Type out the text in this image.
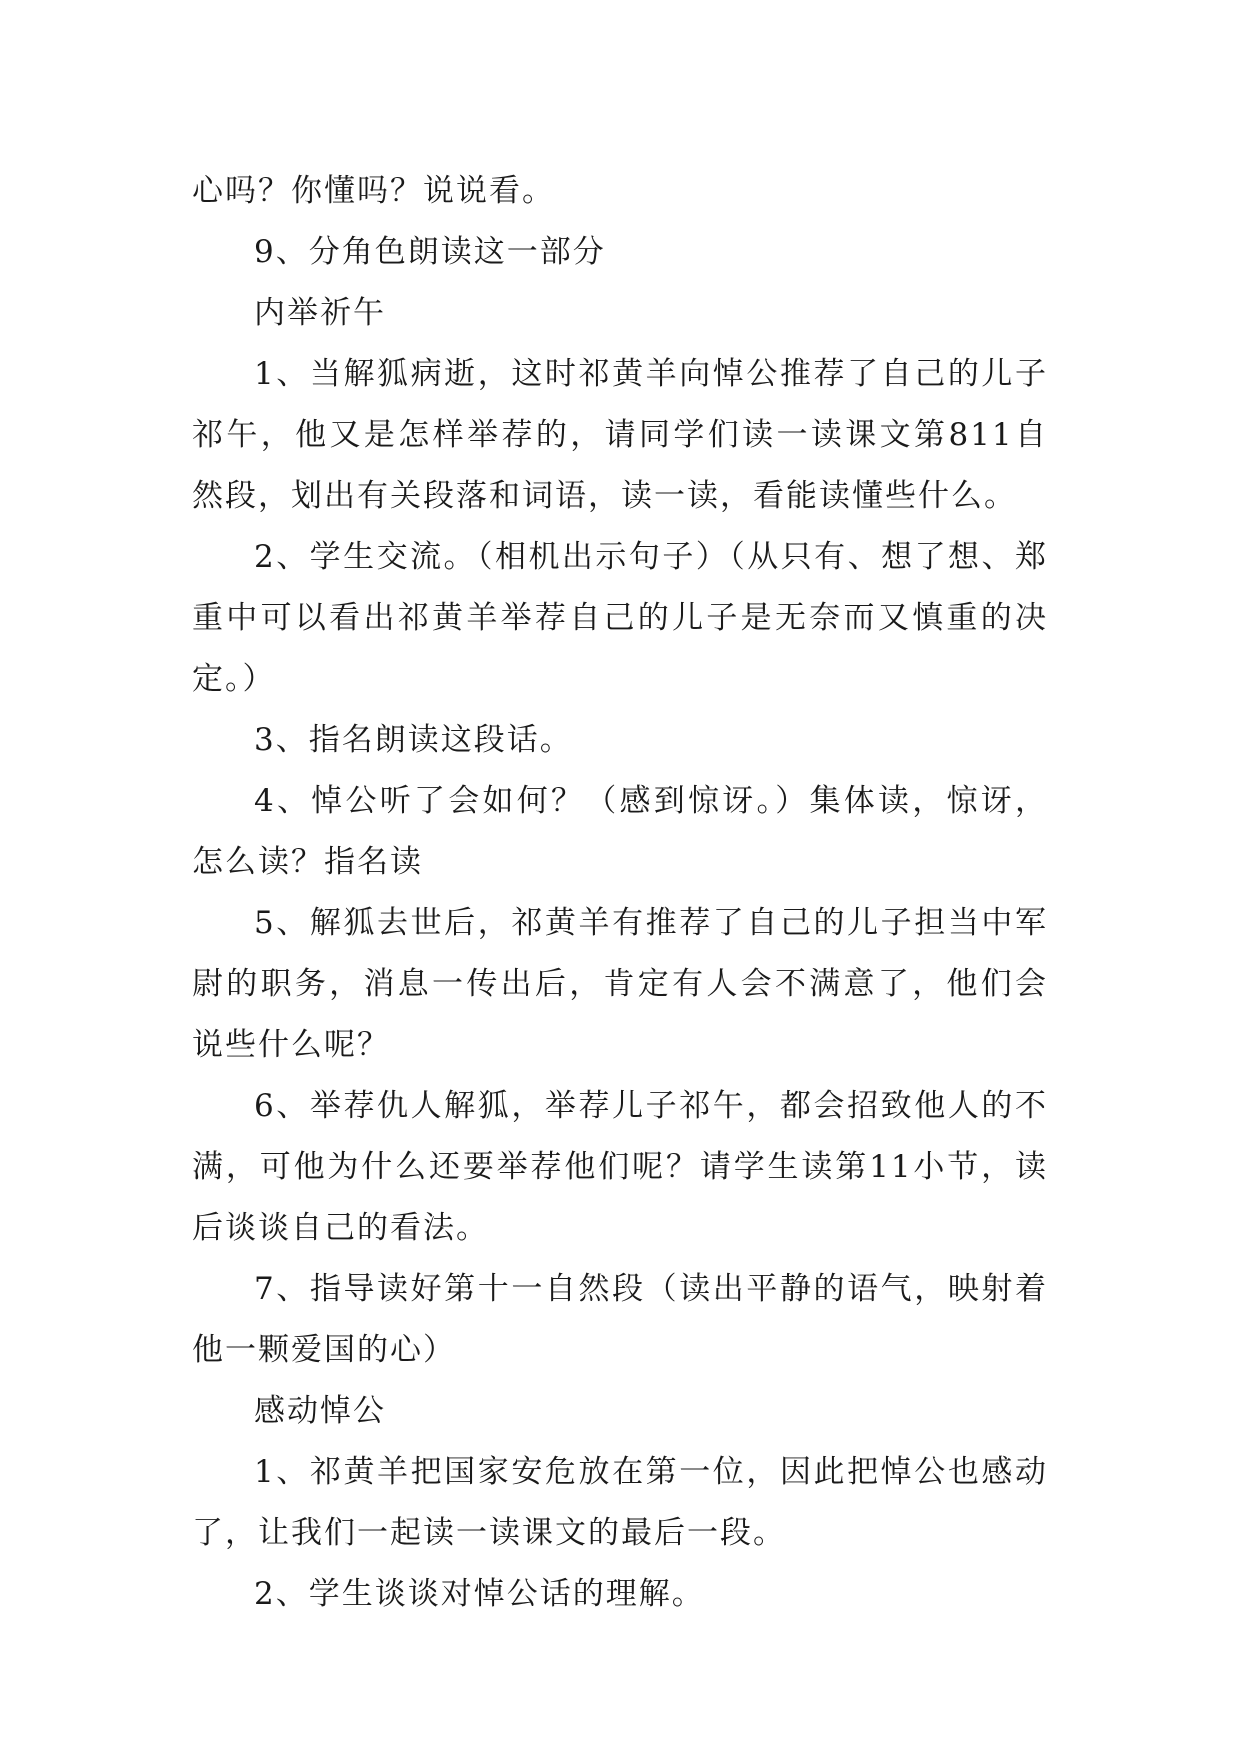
心吗？你懂吗？说说看。

9、分角色朗读这一部分

内举祈午

1、当解狐病逝，这时祁黄羊向悼公推荐了自己的儿子祁午，他又是怎样举荐的，请同学们读一读课文第811自然段，划出有关段落和词语，读一读，看能读懂些什么。

2、学生交流。（相机出示句子）（从只有、想了想、郑重中可以看出祁黄羊举荐自己的儿子是无奈而又慎重的决定。）

3、指名朗读这段话。

4、悼公听了会如何？（感到惊讶。）集体读，惊讶，怎么读？指名读

5、解狐去世后，祁黄羊有推荐了自己的儿子担当中军尉的职务，消息一传出后，肯定有人会不满意了，他们会说些什么呢？

6、举荐仇人解狐，举荐儿子祁午，都会招致他人的不满，可他为什么还要举荐他们呢？请学生读第11小节，读后谈谈自己的看法。

7、指导读好第十一自然段（读出平静的语气，映射着他一颗爱国的心）

感动悼公

1、祁黄羊把国家安危放在第一位，因此把悼公也感动了，让我们一起读一读课文的最后一段。

2、学生谈谈对悼公话的理解。
